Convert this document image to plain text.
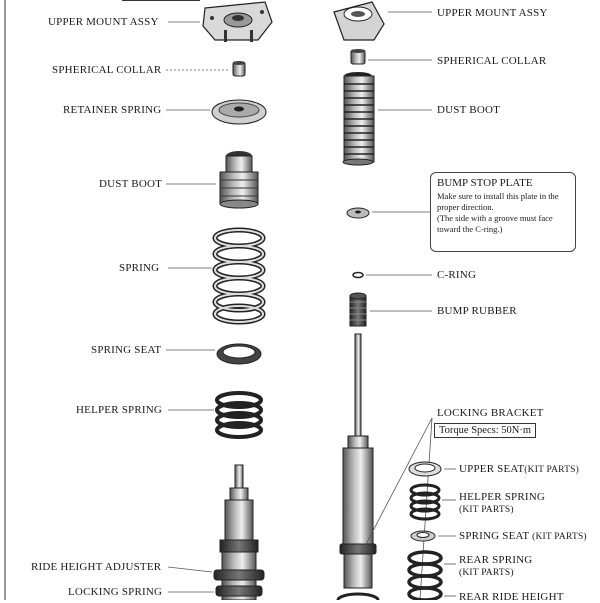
UPPER MOUNT ASSY
SPHERICAL COLLAR
RETAINER SPRING
DUST BOOT
SPRING
SPRING SEAT
HELPER SPRING
RIDE HEIGHT ADJUSTER
LOCKING SPRING
UPPER MOUNT ASSY
SPHERICAL COLLAR
DUST BOOT
BUMP STOP PLATE
Make sure to install this plate in the
proper direction.
(The side with a groove must face
toward the C-ring.)
C-RING
BUMP RUBBER
LOCKING BRACKET
Torque Specs: 50N·m
UPPER SEAT(KIT PARTS)
HELPER SPRING
(KIT PARTS)
SPRING SEAT (KIT PARTS)
REAR SPRING
(KIT PARTS)
REAR RIDE HEIGHT
